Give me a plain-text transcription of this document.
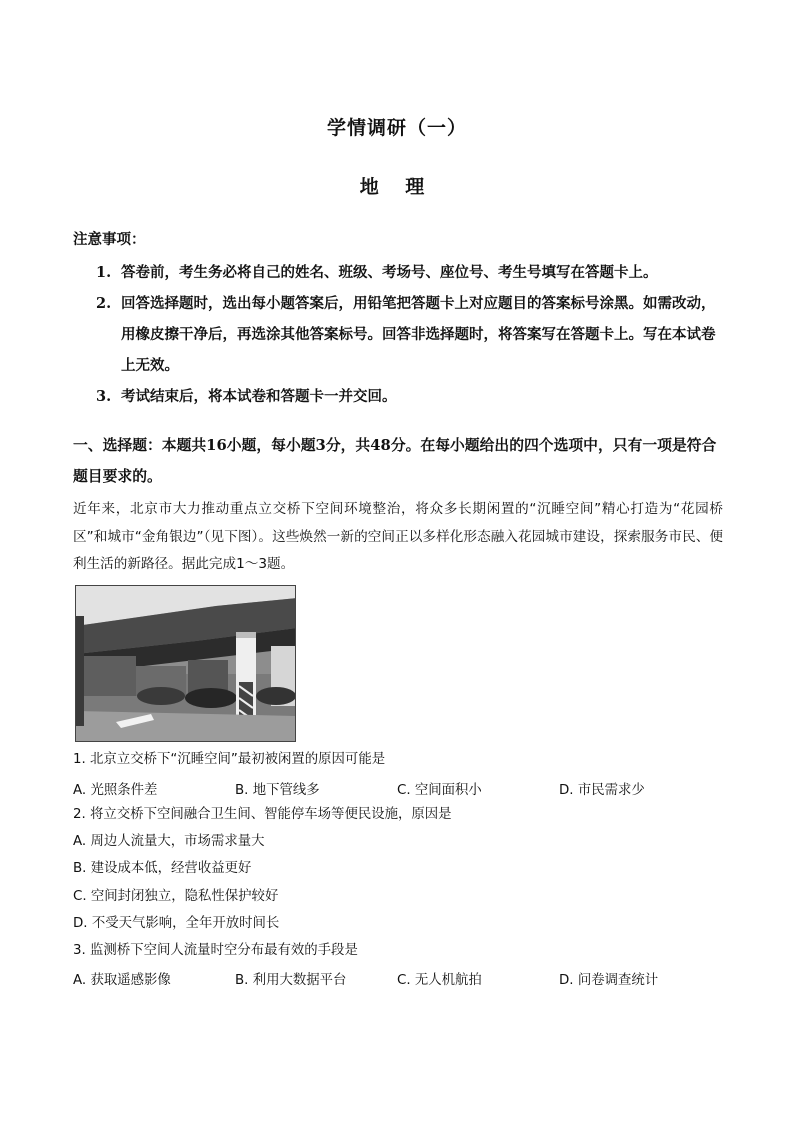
学情调研（一）
地 理
注意事项：
1. 答卷前，考生务必将自己的姓名、班级、考场号、座位号、考生号填写在答题卡上。
2. 回答选择题时，选出每小题答案后，用铅笔把答题卡上对应题目的答案标号涂黑。如需改动，用橡皮擦干净后，再选涂其他答案标号。回答非选择题时，将答案写在答题卡上。写在本试卷上无效。
3. 考试结束后，将本试卷和答题卡一并交回。
一、选择题：本题共16小题，每小题3分，共48分。在每小题给出的四个选项中，只有一项是符合题目要求的。
近年来，北京市大力推动重点立交桥下空间环境整治，将众多长期闲置的“沉睡空间”精心打造为“花园桥区”和城市“金角银边”（见下图）。这些焕然一新的空间正以多样化形态融入花园城市建设，探索服务市民、便利生活的新路径。据此完成1～3题。
1. 北京立交桥下“沉睡空间”最初被闲置的原因可能是
A. 光照条件差	B. 地下管线多	C. 空间面积小	D. 市民需求少
2. 将立交桥下空间融合卫生间、智能停车场等便民设施，原因是
A. 周边人流量大，市场需求量大
B. 建设成本低，经营收益更好
C. 空间封闭独立，隐私性保护较好
D. 不受天气影响，全年开放时间长
3. 监测桥下空间人流量时空分布最有效的手段是
A. 获取遥感影像	B. 利用大数据平台	C. 无人机航拍	D. 问卷调查统计
